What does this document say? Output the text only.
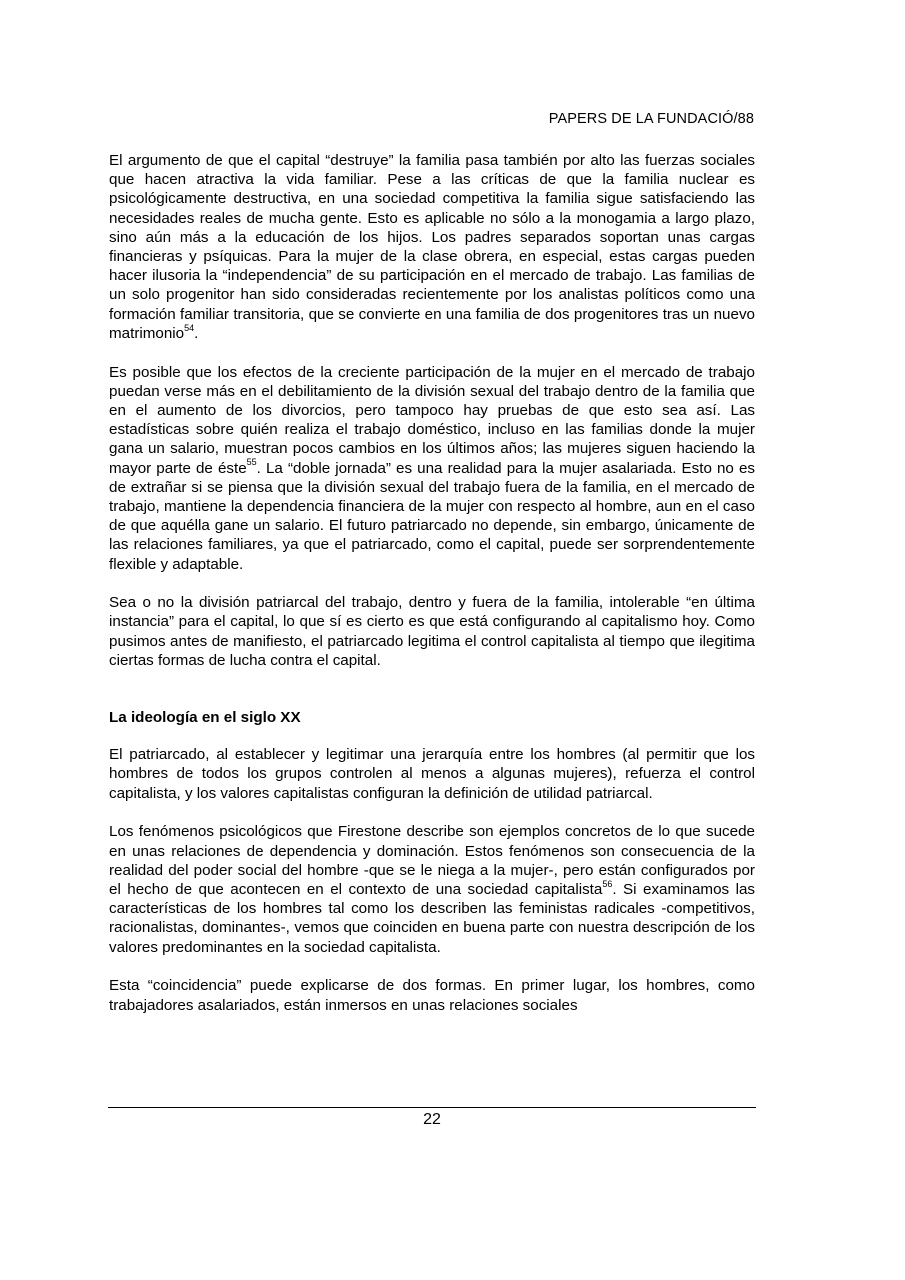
PAPERS DE LA FUNDACIÓ/88

El argumento de que el capital “destruye” la familia pasa también por alto las fuerzas sociales que hacen atractiva la vida familiar. Pese a las críticas de que la familia nuclear es psicológicamente destructiva, en una sociedad competitiva la familia sigue satisfaciendo las necesidades reales de mucha gente. Esto es aplicable no sólo a la monogamia a largo plazo, sino aún más a la educación de los hijos. Los padres separados soportan unas cargas financieras y psíquicas. Para la mujer de la clase obrera, en especial, estas cargas pueden hacer ilusoria la “independencia” de su participación en el mercado de trabajo. Las familias de un solo progenitor han sido consideradas recientemente por los analistas políticos como una formación familiar transitoria, que se convierte en una familia de dos progenitores tras un nuevo matrimonio$^{54}$.

Es posible que los efectos de la creciente participación de la mujer en el mercado de trabajo puedan verse más en el debilitamiento de la división sexual del trabajo dentro de la familia que en el aumento de los divorcios, pero tampoco hay pruebas de que esto sea así. Las estadísticas sobre quién realiza el trabajo doméstico, incluso en las familias donde la mujer gana un salario, muestran pocos cambios en los últimos años; las mujeres siguen haciendo la mayor parte de éste$^{55}$. La “doble jornada” es una realidad para la mujer asalariada. Esto no es de extrañar si se piensa que la división sexual del trabajo fuera de la familia, en el mercado de trabajo, mantiene la dependencia financiera de la mujer con respecto al hombre, aun en el caso de que aquélla gane un salario. El futuro patriarcado no depende, sin embargo, únicamente de las relaciones familiares, ya que el patriarcado, como el capital, puede ser sorprendentemente flexible y adaptable.

Sea o no la división patriarcal del trabajo, dentro y fuera de la familia, intolerable “en última instancia” para el capital, lo que sí es cierto es que está configurando al capitalismo hoy. Como pusimos antes de manifiesto, el patriarcado legitima el control capitalista al tiempo que ilegitima ciertas formas de lucha contra el capital.

La ideología en el siglo XX

El patriarcado, al establecer y legitimar una jerarquía entre los hombres (al permitir que los hombres de todos los grupos controlen al menos a algunas mujeres), refuerza el control capitalista, y los valores capitalistas configuran la definición de utilidad patriarcal.

Los fenómenos psicológicos que Firestone describe son ejemplos concretos de lo que sucede en unas relaciones de dependencia y dominación. Estos fenómenos son consecuencia de la realidad del poder social del hombre -que se le niega a la mujer-, pero están configurados por el hecho de que acontecen en el contexto de una sociedad capitalista$^{56}$. Si examinamos las características de los hombres tal como los describen las feministas radicales -competitivos, racionalistas, dominantes-, vemos que coinciden en buena parte con nuestra descripción de los valores predominantes en la sociedad capitalista.

Esta “coincidencia” puede explicarse de dos formas. En primer lugar, los hombres, como trabajadores asalariados, están inmersos en unas relaciones sociales

22
